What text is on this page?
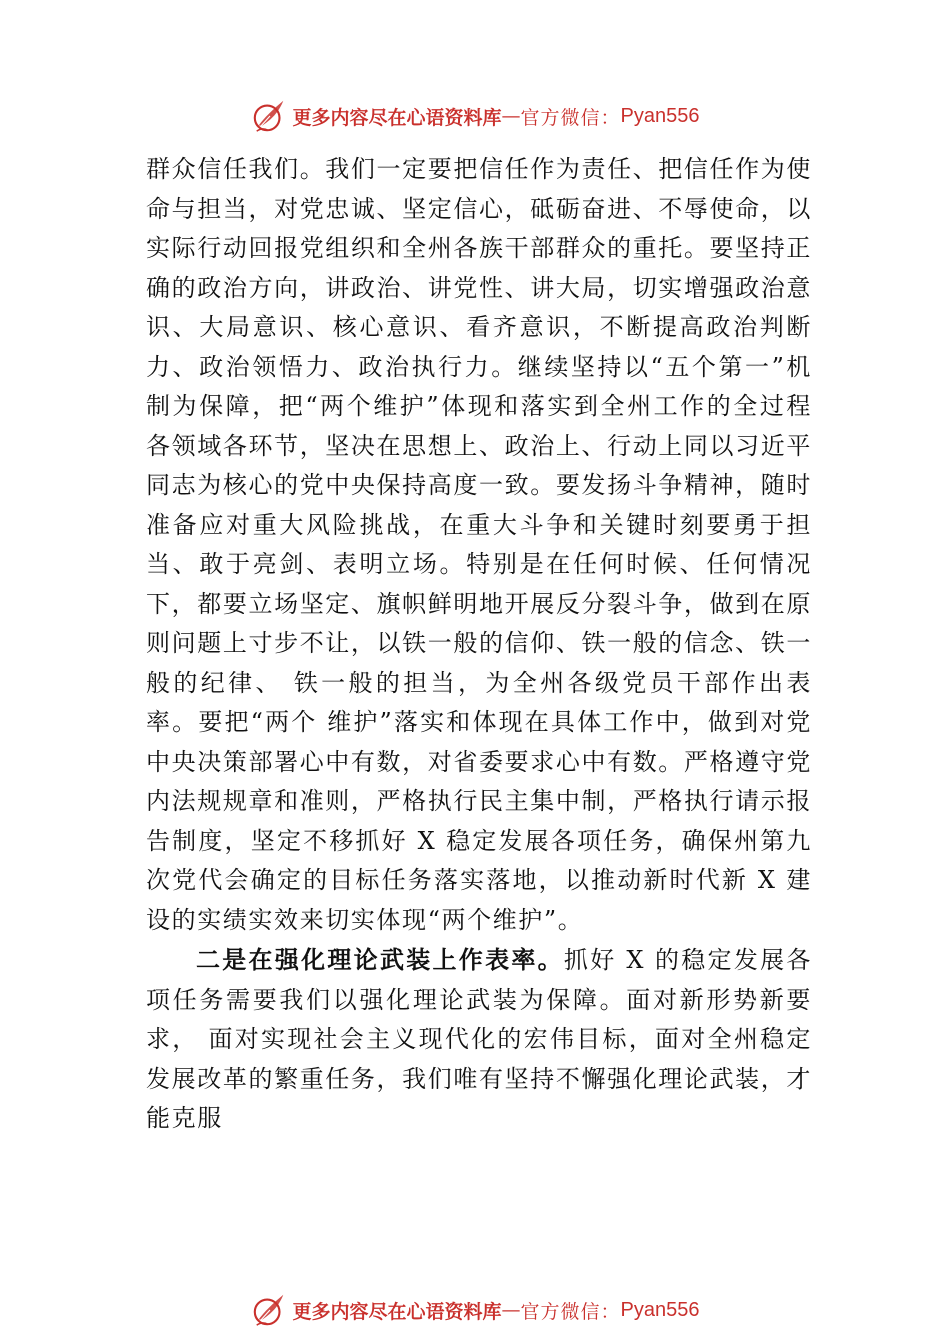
更多内容尽在心语资料库 — 官方微信： Pyan556

群众信任我们。我们一定要把信任作为责任、把信任作为使命与担当，对党忠诚、坚定信心，砥砺奋进、不辱使命，以实际行动回报党组织和全州各族干部群众的重托。要坚持正确的政治方向，讲政治、讲党性、讲大局，切实增强政治意识、大局意识、核心意识、看齐意识，不断提高政治判断力、政治领悟力、政治执行力。继续坚持以“五个第一”机制为保障，把“两个维护”体现和落实到全州工作的全过程各领域各环节，坚决在思想上、政治上、行动上同以习近平同志为核心的党中央保持高度一致。要发扬斗争精神，随时准备应对重大风险挑战，在重大斗争和关键时刻要勇于担当、敢于亮剑、表明立场。特别是在任何时候、任何情况下，都要立场坚定、旗帜鲜明地开展反分裂斗争，做到在原则问题上寸步不让，以铁一般的信仰、铁一般的信念、铁一般的纪律、 铁一般的担当，为全州各级党员干部作出表率。要把“两个 维护”落实和体现在具体工作中，做到对党中央决策部署心中有数，对省委要求心中有数。严格遵守党内法规规章和准则，严格执行民主集中制，严格执行请示报告制度，坚定不移抓好 X 稳定发展各项任务，确保州第九次党代会确定的目标任务落实落地，以推动新时代新 X 建设的实绩实效来切实体现“两个维护”。

二是在强化理论武装上作表率。抓好 X 的稳定发展各项任务需要我们以强化理论武装为保障。面对新形势新要求， 面对实现社会主义现代化的宏伟目标，面对全州稳定发展改革的繁重任务，我们唯有坚持不懈强化理论武装，才能克服

更多内容尽在心语资料库 — 官方微信： Pyan556
